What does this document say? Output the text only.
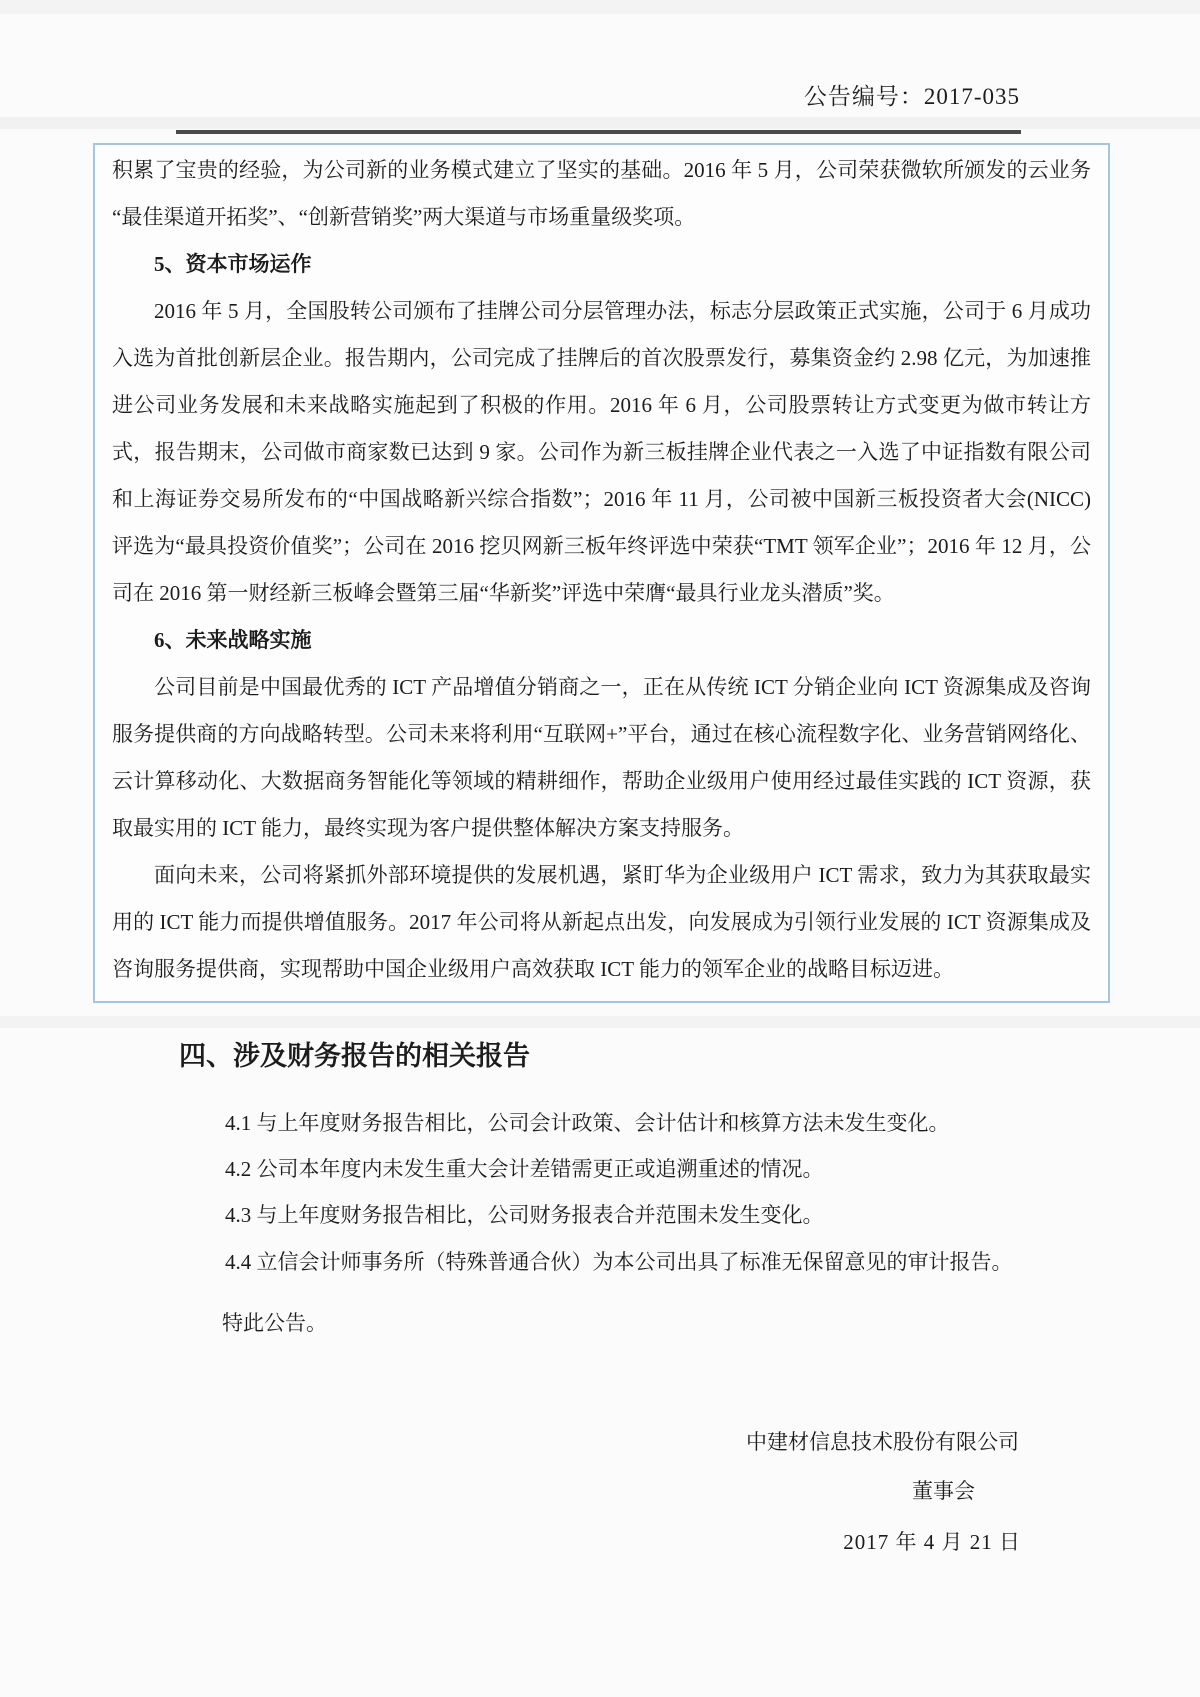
公告编号：2017-035

积累了宝贵的经验，为公司新的业务模式建立了坚实的基础。2016 年 5 月，公司荣获微软所颁发的云业务“最佳渠道开拓奖”、“创新营销奖”两大渠道与市场重量级奖项。

5、资本市场运作

2016 年 5 月，全国股转公司颁布了挂牌公司分层管理办法，标志分层政策正式实施，公司于 6 月成功入选为首批创新层企业。报告期内，公司完成了挂牌后的首次股票发行，募集资金约 2.98 亿元，为加速推进公司业务发展和未来战略实施起到了积极的作用。2016 年 6 月，公司股票转让方式变更为做市转让方式，报告期末，公司做市商家数已达到 9 家。公司作为新三板挂牌企业代表之一入选了中证指数有限公司和上海证券交易所发布的“中国战略新兴综合指数”；2016 年 11 月，公司被中国新三板投资者大会(NICC)评选为“最具投资价值奖”；公司在 2016 挖贝网新三板年终评选中荣获“TMT 领军企业”；2016 年 12 月，公司在 2016 第一财经新三板峰会暨第三届“华新奖”评选中荣膺“最具行业龙头潜质”奖。

6、未来战略实施

公司目前是中国最优秀的 ICT 产品增值分销商之一，正在从传统 ICT 分销企业向 ICT 资源集成及咨询服务提供商的方向战略转型。公司未来将利用“互联网+”平台，通过在核心流程数字化、业务营销网络化、云计算移动化、大数据商务智能化等领域的精耕细作，帮助企业级用户使用经过最佳实践的 ICT 资源，获取最实用的 ICT 能力，最终实现为客户提供整体解决方案支持服务。

面向未来，公司将紧抓外部环境提供的发展机遇，紧盯华为企业级用户 ICT 需求，致力为其获取最实用的 ICT 能力而提供增值服务。2017 年公司将从新起点出发，向发展成为引领行业发展的 ICT 资源集成及咨询服务提供商，实现帮助中国企业级用户高效获取 ICT 能力的领军企业的战略目标迈进。

四、涉及财务报告的相关报告
4.1 与上年度财务报告相比，公司会计政策、会计估计和核算方法未发生变化。
4.2 公司本年度内未发生重大会计差错需更正或追溯重述的情况。
4.3 与上年度财务报告相比，公司财务报表合并范围未发生变化。
4.4 立信会计师事务所（特殊普通合伙）为本公司出具了标准无保留意见的审计报告。
特此公告。
中建材信息技术股份有限公司
董事会
2017 年 4 月 21 日
